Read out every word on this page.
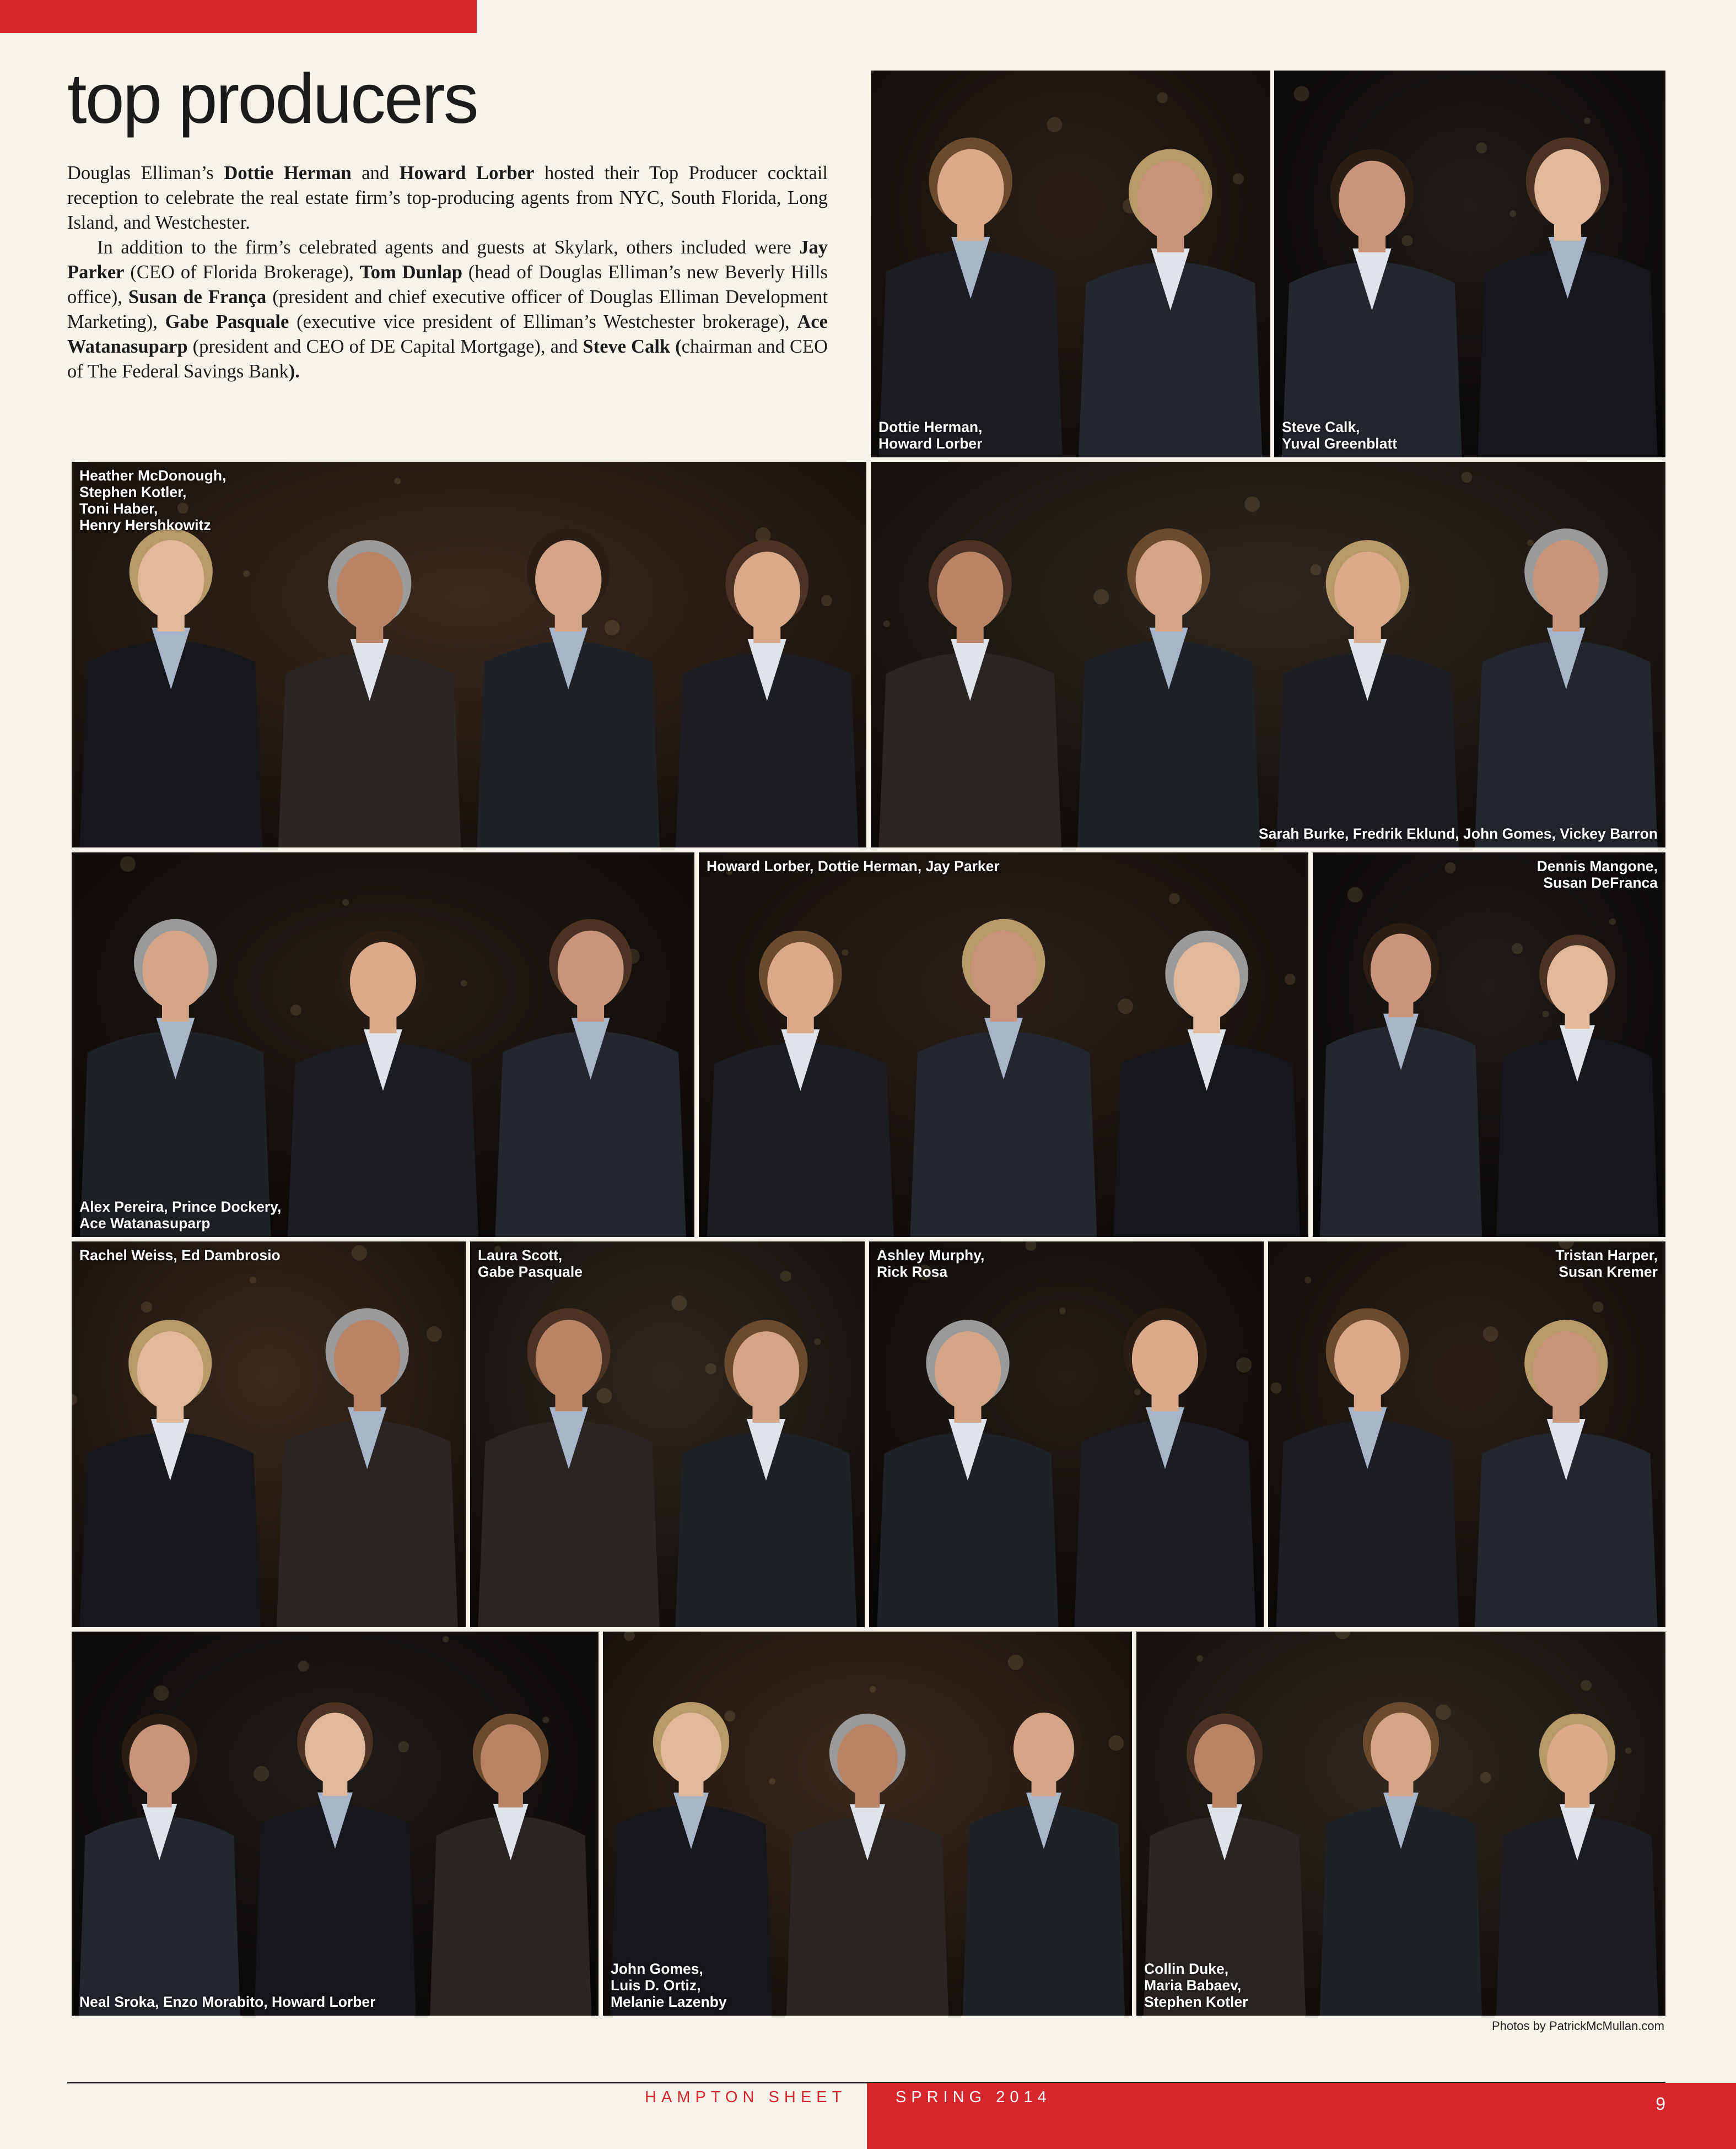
top producers

Douglas Elliman’s Dottie Herman and Howard Lorber hosted their Top Producer cocktail reception to celebrate the real estate firm’s top-producing agents from NYC, South Florida, Long Island, and Westchester.

In addition to the firm’s celebrated agents and guests at Skylark, others included were Jay Parker (CEO of Florida Brokerage), Tom Dunlap (head of Douglas Elliman’s new Beverly Hills office), Susan de França (president and chief executive officer of Douglas Elliman Development Marketing), Gabe Pasquale (executive vice president of Elliman’s Westchester brokerage), Ace Watanasuparp (president and CEO of DE Capital Mortgage), and Steve Calk (chairman and CEO of The Federal Savings Bank).

Dottie Herman,
Howard Lorber
Steve Calk,
Yuval Greenblatt
Heather McDonough,
Stephen Kotler,
Toni Haber,
Henry Hershkowitz
Sarah Burke, Fredrik Eklund, John Gomes, Vickey Barron
Alex Pereira, Prince Dockery,
Ace Watanasuparp
Howard Lorber, Dottie Herman, Jay Parker	Dennis Mangone,
Susan DeFranca
Rachel Weiss, Ed Dambrosio	Laura Scott,
Gabe Pasquale
Ashley Murphy,
Rick Rosa
Tristan Harper,
Susan Kremer
Neal Sroka, Enzo Morabito, Howard Lorber
John Gomes,
Luis D. Ortiz,
Melanie Lazenby
Collin Duke,
Maria Babaev,
Stephen Kotler
Photos by PatrickMcMullan.com
HAMPTON SHEET	SPRING 2014	9
